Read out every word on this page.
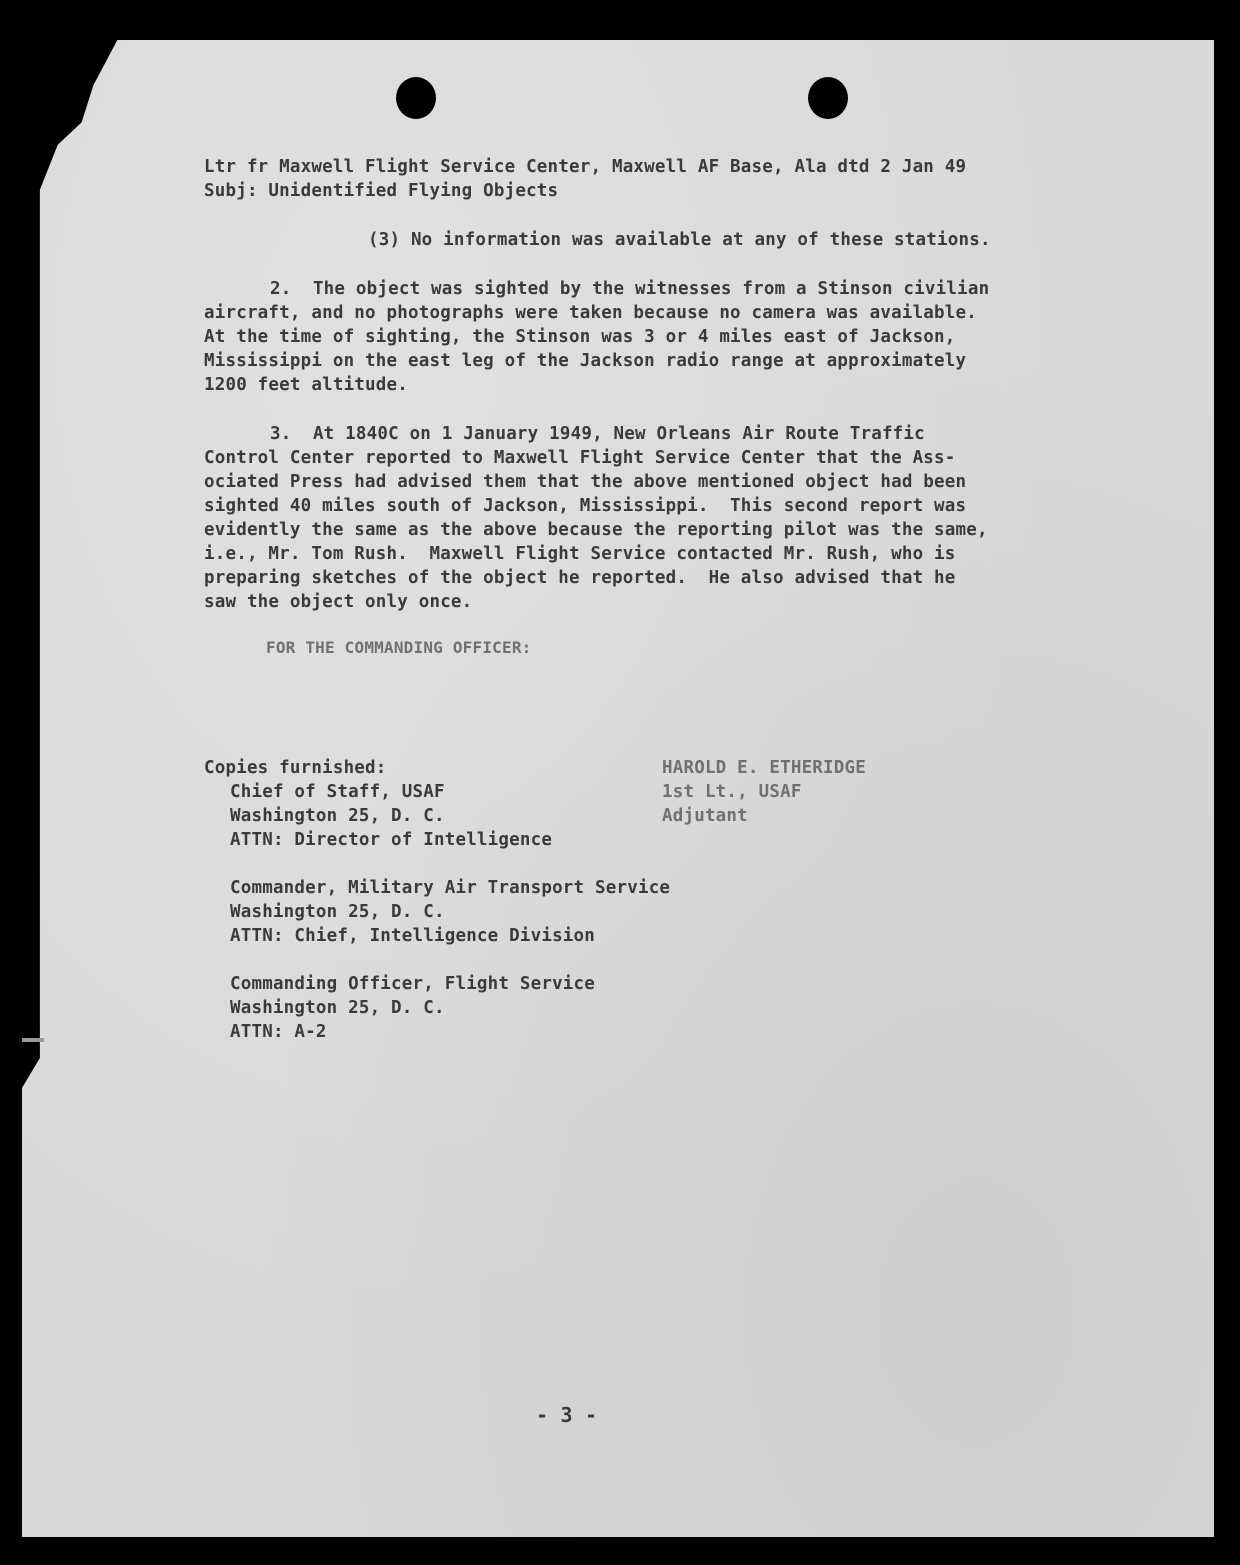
Ltr fr Maxwell Flight Service Center, Maxwell AF Base, Ala dtd 2 Jan 49

Subj: Unidentified Flying Objects

(3) No information was available at any of these stations.

2.  The object was sighted by the witnesses from a Stinson civilian

aircraft, and no photographs were taken because no camera was available.

At the time of sighting, the Stinson was 3 or 4 miles east of Jackson,

Mississippi on the east leg of the Jackson radio range at approximately

1200 feet altitude.

3.  At 1840C on 1 January 1949, New Orleans Air Route Traffic

Control Center reported to Maxwell Flight Service Center that the Ass-

ociated Press had advised them that the above mentioned object had been

sighted 40 miles south of Jackson, Mississippi.  This second report was

evidently the same as the above because the reporting pilot was the same,

i.e., Mr. Tom Rush.  Maxwell Flight Service contacted Mr. Rush, who is

preparing sketches of the object he reported.  He also advised that he

saw the object only once.

FOR THE COMMANDING OFFICER:

Copies furnished:

Chief of Staff, USAF

Washington 25, D. C.

ATTN: Director of Intelligence

Commander, Military Air Transport Service

Washington 25, D. C.

ATTN: Chief, Intelligence Division

Commanding Officer, Flight Service

Washington 25, D. C.

ATTN: A-2

HAROLD E. ETHERIDGE

1st Lt., USAF

Adjutant

- 3 -
